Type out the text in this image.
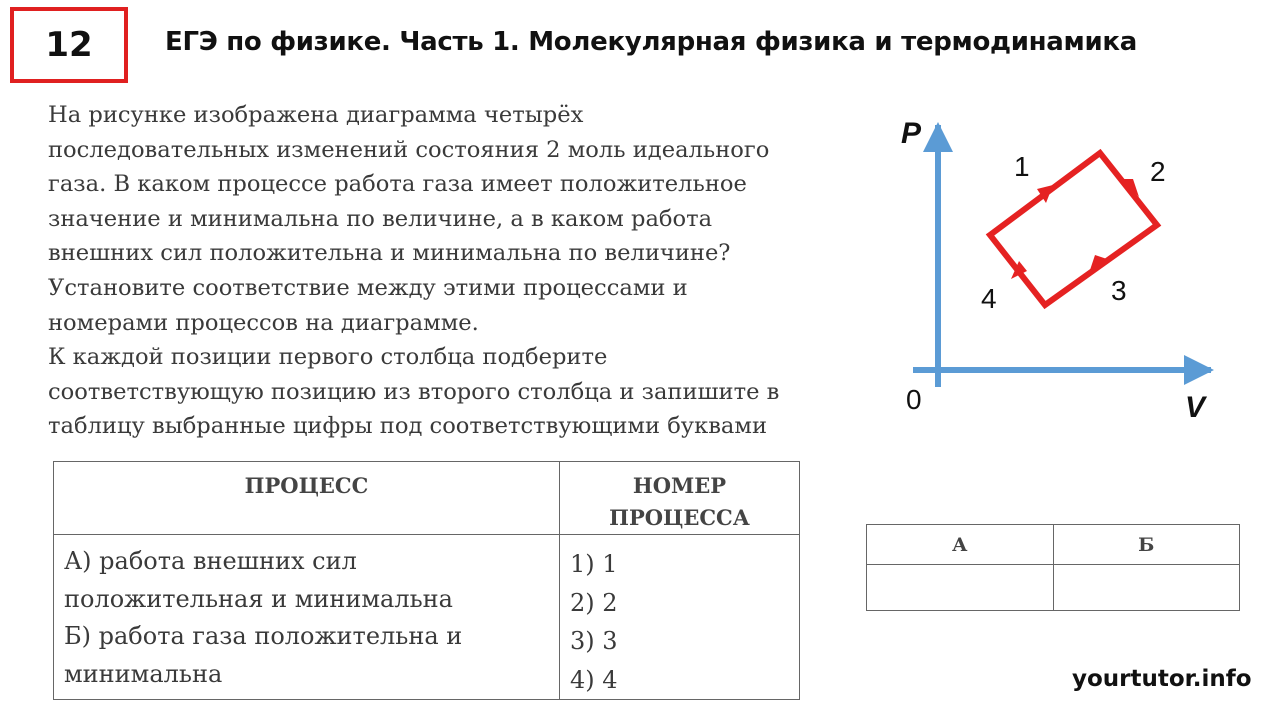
12	ЕГЭ по физике. Часть 1. Молекулярная физика и термодинамика
На рисунке изображена диаграмма четырёх
последовательных изменений состояния 2 моль идеального
газа. В каком процессе работа газа имеет положительное
значение и минимальна по величине, а в каком работа
внешних сил положительна и минимальна по величине?
Установите соответствие между этими процессами и
номерами процессов на диаграмме.
К каждой позиции первого столбца подберите
соответствующую позицию из второго столбца и запишите в
таблицу выбранные цифры под соответствующими буквами
P
V
0
1	2
3
4
ПРОЦЕСС	НОМЕР
ПРОЦЕССА

А) работа внешних сил
положительная и минимальна
Б) работа газа положительна и
минимальна	1) 1
2) 2
3) 3
4) 4
А	Б

yourtutor.info
